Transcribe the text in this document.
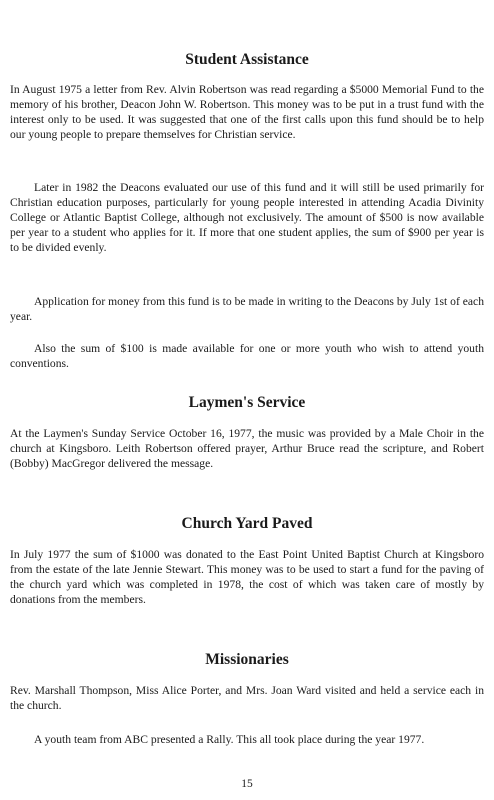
Student Assistance

In August 1975 a letter from Rev. Alvin Robertson was read regarding a $5000 Memorial Fund to the memory of his brother, Deacon John W. Robertson. This money was to be put in a trust fund with the interest only to be used. It was suggested that one of the first calls upon this fund should be to help our young people to prepare themselves for Christian service.

Later in 1982 the Deacons evaluated our use of this fund and it will still be used primarily for Christian education purposes, particularly for young people interested in attending Acadia Divinity College or Atlantic Baptist College, although not exclusively. The amount of $500 is now available per year to a student who applies for it. If more that one student applies, the sum of $900 per year is to be divided evenly.

Application for money from this fund is to be made in writing to the Deacons by July 1st of each year.

Also the sum of $100 is made available for one or more youth who wish to attend youth conventions.

Laymen's Service

At the Laymen's Sunday Service October 16, 1977, the music was provided by a Male Choir in the church at Kingsboro. Leith Robertson offered prayer, Arthur Bruce read the scripture, and Robert (Bobby) MacGregor delivered the message.

Church Yard Paved

In July 1977 the sum of $1000 was donated to the East Point United Baptist Church at Kingsboro from the estate of the late Jennie Stewart. This money was to be used to start a fund for the paving of the church yard which was completed in 1978, the cost of which was taken care of mostly by donations from the members.

Missionaries

Rev. Marshall Thompson, Miss Alice Porter, and Mrs. Joan Ward visited and held a service each in the church.

A youth team from ABC presented a Rally. This all took place during the year 1977.

15
